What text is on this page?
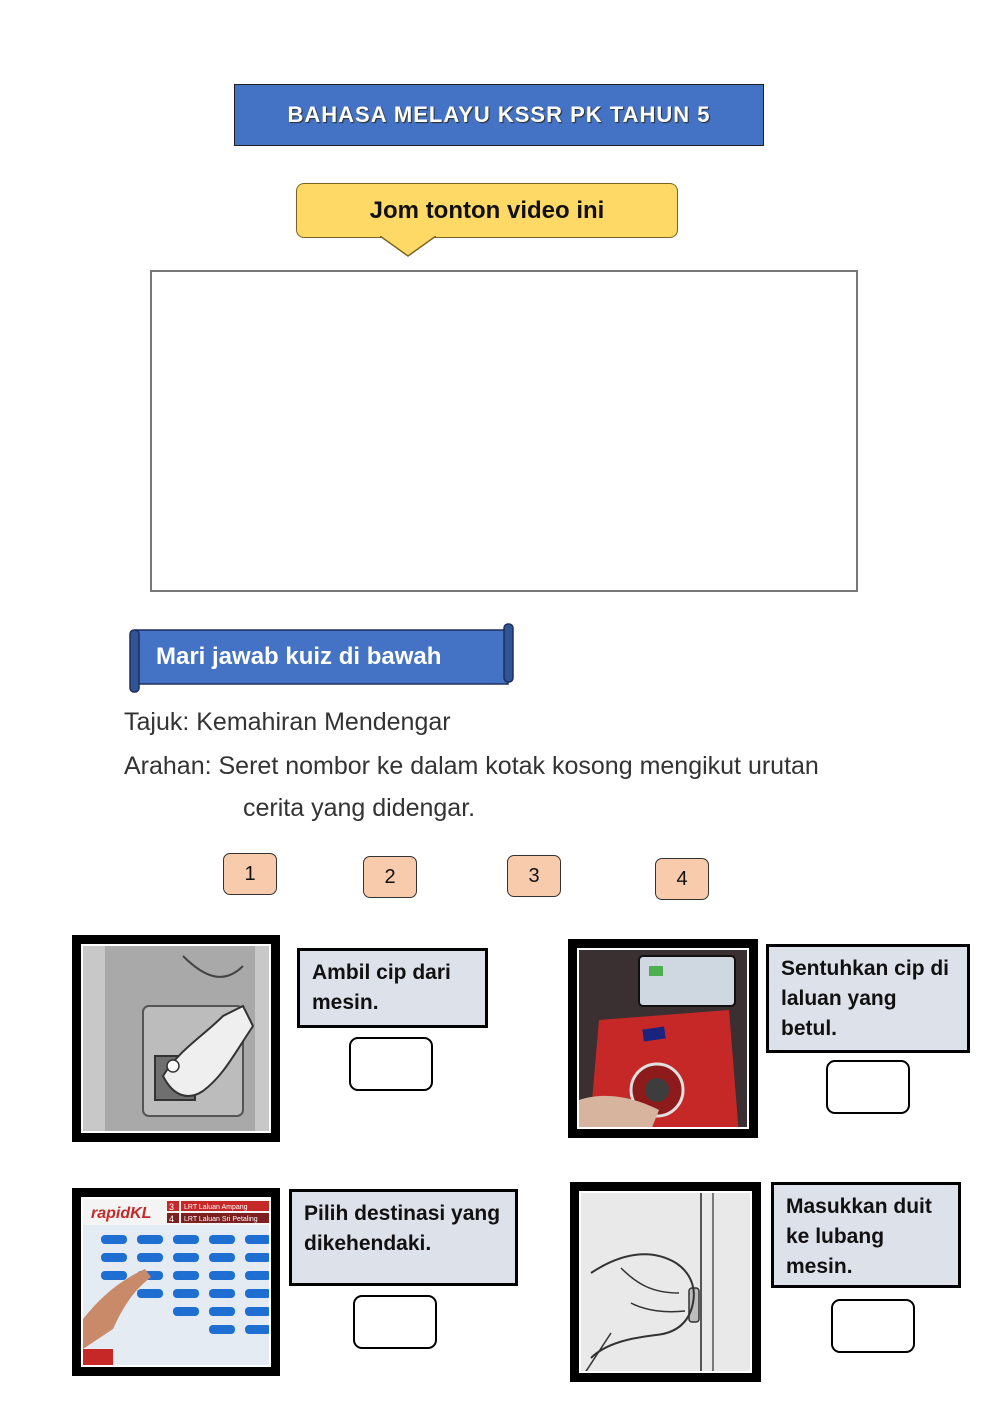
BAHASA MELAYU KSSR PK TAHUN 5
Jom tonton video ini
Mari jawab kuiz di bawah
Tajuk: Kemahiran Mendengar
Arahan: Seret nombor ke dalam kotak kosong mengikut urutan
cerita yang didengar.
1	2	3	4
Ambil cip dari mesin.
Sentuhkan cip di laluan yang betul.
rapidKL 3 LRT Laluan Ampang
4 LRT Laluan Sri Petaling	Pilih destinasi yang dikehendaki.
Masukkan duit ke lubang mesin.
